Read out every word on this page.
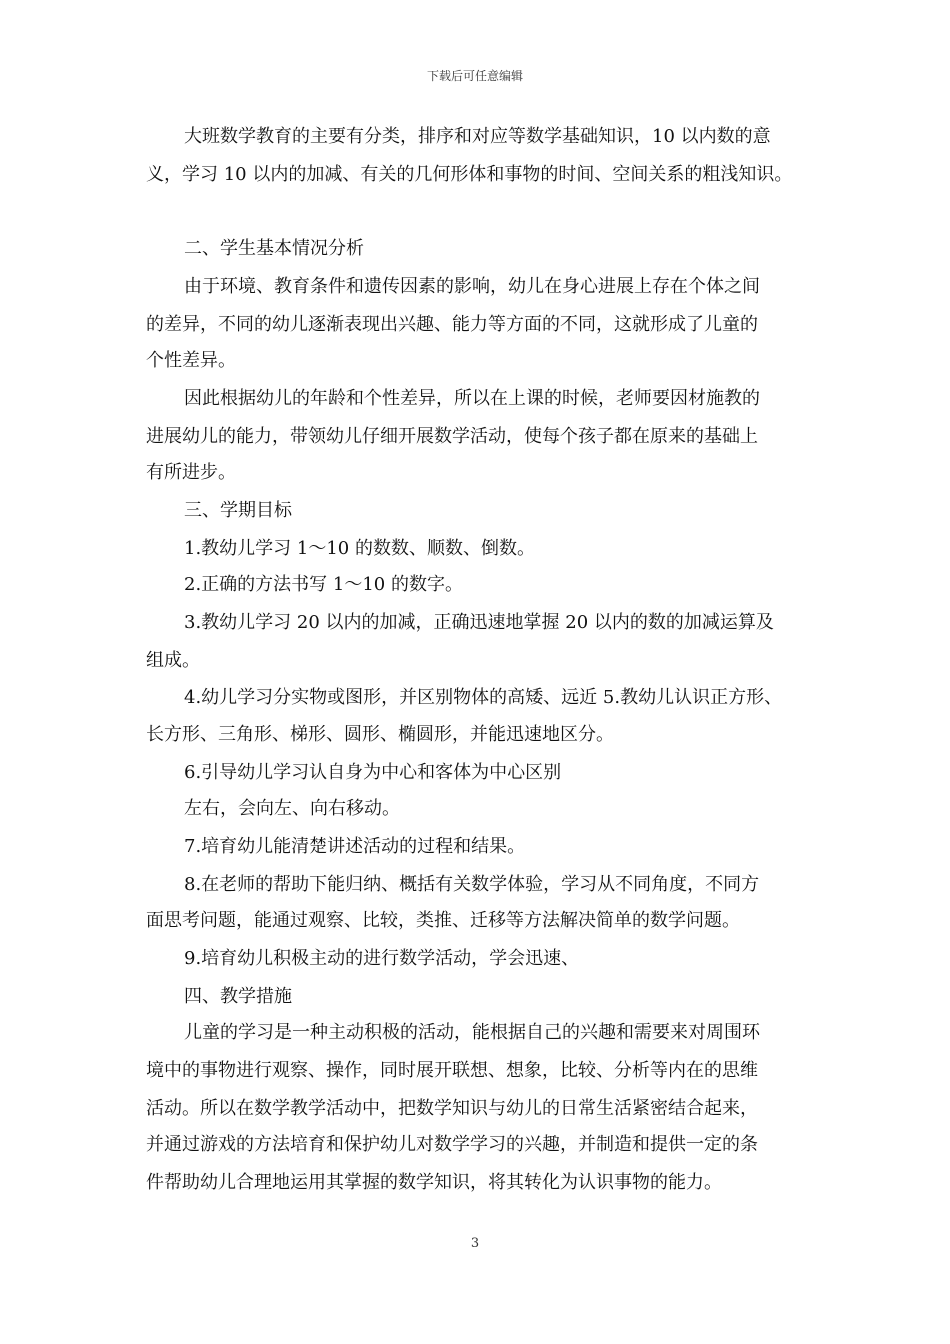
下载后可任意编辑
大班数学教育的主要有分类，排序和对应等数学基础知识，10 以内数的意
义，学习 10 以内的加减、有关的几何形体和事物的时间、空间关系的粗浅知识。
二、学生基本情况分析
由于环境、教育条件和遗传因素的影响，幼儿在身心进展上存在个体之间
的差异，不同的幼儿逐渐表现出兴趣、能力等方面的不同，这就形成了儿童的
个性差异。
因此根据幼儿的年龄和个性差异，所以在上课的时候，老师要因材施教的
进展幼儿的能力，带领幼儿仔细开展数学活动，使每个孩子都在原来的基础上
有所进步。
三、学期目标
1.教幼儿学习 1～10 的数数、顺数、倒数。
2.正确的方法书写 1～10 的数字。
3.教幼儿学习 20 以内的加减，正确迅速地掌握 20 以内的数的加减运算及
组成。
4.幼儿学习分实物或图形，并区别物体的高矮、远近 5.教幼儿认识正方形、
长方形、三角形、梯形、圆形、椭圆形，并能迅速地区分。
6.引导幼儿学习认自身为中心和客体为中心区别
左右，会向左、向右移动。
7.培育幼儿能清楚讲述活动的过程和结果。
8.在老师的帮助下能归纳、概括有关数学体验，学习从不同角度，不同方
面思考问题，能通过观察、比较，类推、迁移等方法解决简单的数学问题。
9.培育幼儿积极主动的进行数学活动，学会迅速、
四、教学措施
儿童的学习是一种主动积极的活动，能根据自己的兴趣和需要来对周围环
境中的事物进行观察、操作，同时展开联想、想象，比较、分析等内在的思维
活动。所以在数学教学活动中，把数学知识与幼儿的日常生活紧密结合起来，
并通过游戏的方法培育和保护幼儿对数学学习的兴趣，并制造和提供一定的条
件帮助幼儿合理地运用其掌握的数学知识，将其转化为认识事物的能力。
3
